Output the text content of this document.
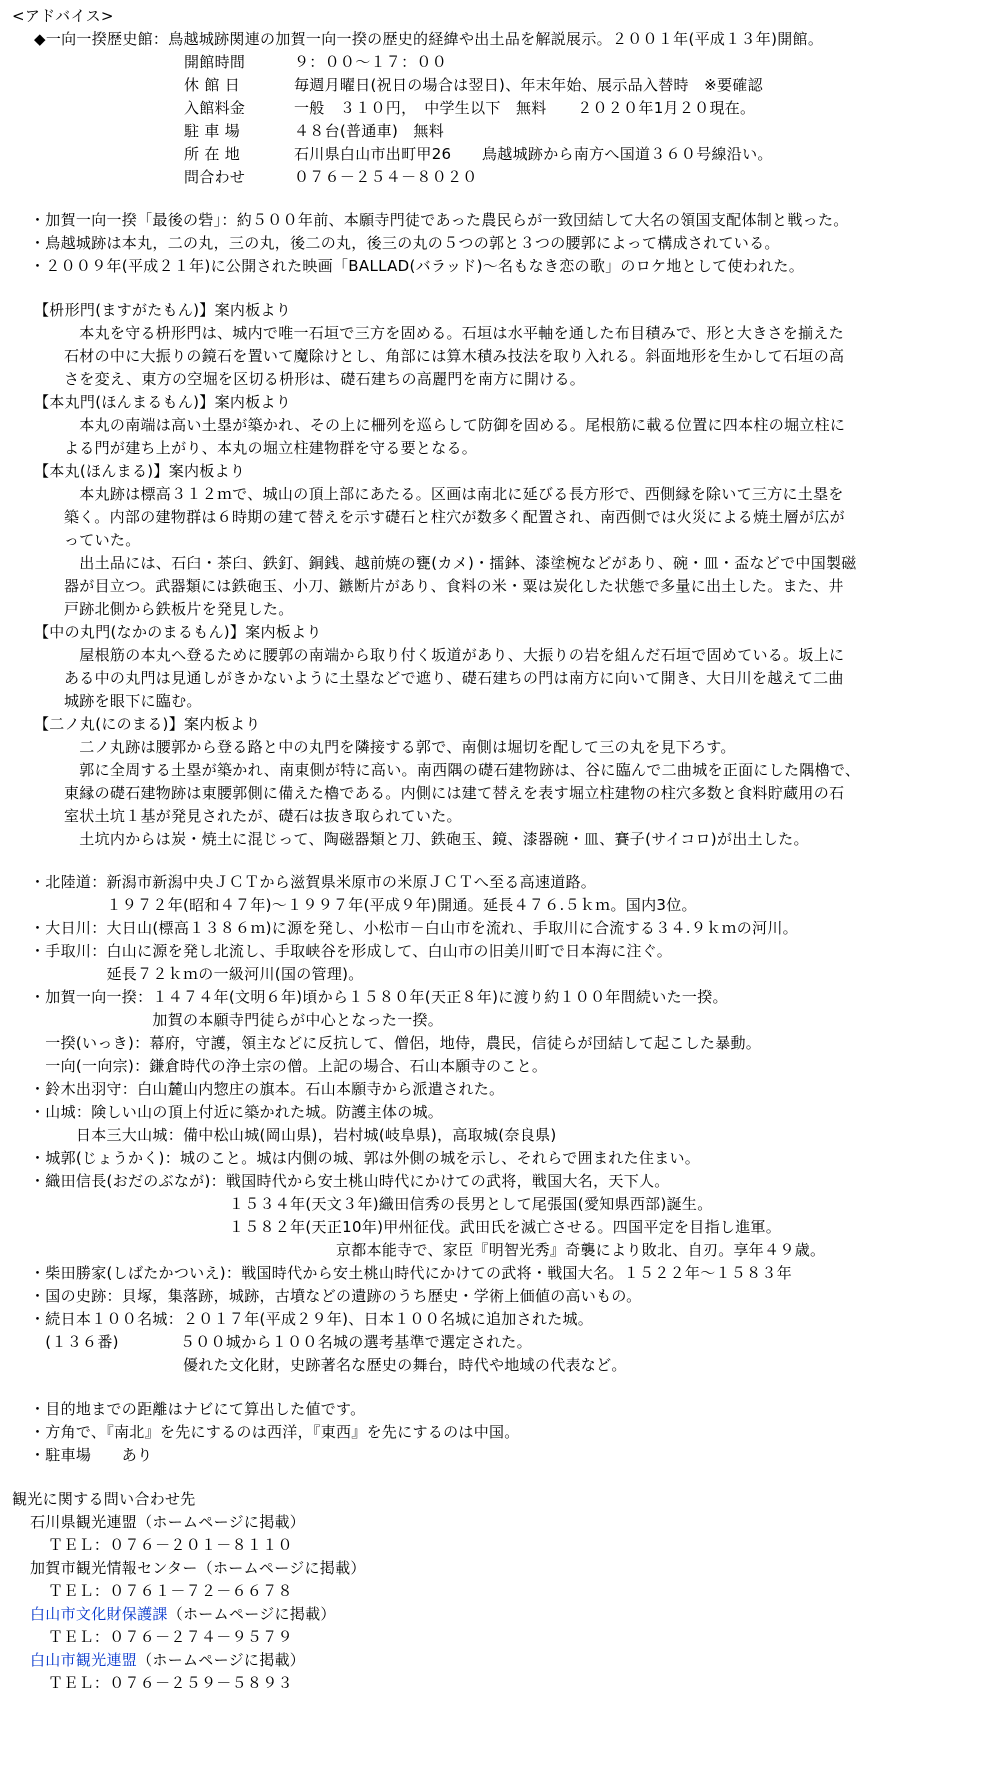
<アドバイス>
◆一向一揆歴史館：鳥越城跡関連の加賀一向一揆の歴史的経緯や出土品を解説展示。２００１年(平成１３年)開館。
開館時間	９：００～１７：００
休 館 日	毎週月曜日(祝日の場合は翌日)、年末年始、展示品入替時　※要確認
入館料金	一般　３１０円，　中学生以下　無料　　２０２０年1月２０現在。
駐 車 場	４８台(普通車)　無料
所 在 地	石川県白山市出町甲26　　鳥越城跡から南方へ国道３６０号線沿い。
問合わせ	０７６－２５４－８０２０
・加賀一向一揆「最後の砦」：約５００年前、本願寺門徒であった農民らが一致団結して大名の領国支配体制と戦った。
・鳥越城跡は本丸，二の丸，三の丸，後二の丸，後三の丸の５つの郭と３つの腰郭によって構成されている。
・２００９年(平成２１年)に公開された映画「BALLAD(バラッド)～名もなき恋の歌」のロケ地として使われた。
【枡形門(ますがたもん)】案内板より
　本丸を守る枡形門は、城内で唯一石垣で三方を固める。石垣は水平軸を通した布目積みで、形と大きさを揃えた
石材の中に大振りの鏡石を置いて魔除けとし、角部には算木積み技法を取り入れる。斜面地形を生かして石垣の高
さを変え、東方の空堀を区切る枡形は、礎石建ちの高麗門を南方に開ける。
【本丸門(ほんまるもん)】案内板より
　本丸の南端は高い土塁が築かれ、その上に柵列を巡らして防御を固める。尾根筋に載る位置に四本柱の堀立柱に
よる門が建ち上がり、本丸の堀立柱建物群を守る要となる。
【本丸(ほんまる)】案内板より
　本丸跡は標高３１２ｍで、城山の頂上部にあたる。区画は南北に延びる長方形で、西側縁を除いて三方に土塁を
築く。内部の建物群は６時期の建て替えを示す礎石と柱穴が数多く配置され、南西側では火災による焼土層が広が
っていた。
　出土品には、石臼・茶臼、鉄釘、銅銭、越前焼の甕(カメ)・擂鉢、漆塗椀などがあり、碗・皿・盃などで中国製磁
器が目立つ。武器類には鉄砲玉、小刀、鏃断片があり、食料の米・粟は炭化した状態で多量に出土した。また、井
戸跡北側から鉄板片を発見した。
【中の丸門(なかのまるもん)】案内板より
　屋根筋の本丸へ登るために腰郭の南端から取り付く坂道があり、大振りの岩を組んだ石垣で固めている。坂上に
ある中の丸門は見通しがきかないように土塁などで遮り、礎石建ちの門は南方に向いて開き、大日川を越えて二曲
城跡を眼下に臨む。
【二ノ丸(にのまる)】案内板より
　二ノ丸跡は腰郭から登る路と中の丸門を隣接する郭で、南側は堀切を配して三の丸を見下ろす。
　郭に全周する土塁が築かれ、南東側が特に高い。南西隅の礎石建物跡は、谷に臨んで二曲城を正面にした隅櫓で、
東縁の礎石建物跡は東腰郭側に備えた櫓である。内側には建て替えを表す堀立柱建物の柱穴多数と食料貯蔵用の石
室状土坑１基が発見されたが、礎石は抜き取られていた。
　土坑内からは炭・焼土に混じって、陶磁器類と刀、鉄砲玉、鏡、漆器碗・皿、賽子(サイコロ)が出土した。
・北陸道：新潟市新潟中央ＪＣＴから滋賀県米原市の米原ＪＣＴへ至る高速道路。
　　　　　１９７２年(昭和４７年)～１９９７年(平成９年)開通。延長４７６.５ｋｍ。国内3位。
・大日川：大日山(標高１３８６ｍ)に源を発し、小松市－白山市を流れ、手取川に合流する３４.９ｋｍの河川。
・手取川：白山に源を発し北流し、手取峡谷を形成して、白山市の旧美川町で日本海に注ぐ。
　　　　　延長７２ｋｍの一級河川(国の管理)。
・加賀一向一揆：１４７４年(文明６年)頃から１５８０年(天正８年)に渡り約１００年間続いた一揆。
　　　　　　　　加賀の本願寺門徒らが中心となった一揆。
　一揆(いっき)：幕府，守護，領主などに反抗して、僧侶，地侍，農民，信徒らが団結して起こした暴動。
　一向(一向宗)：鎌倉時代の浄土宗の僧。上記の場合、石山本願寺のこと。
・鈴木出羽守：白山麓山内惣庄の旗本。石山本願寺から派遣された。
・山城：険しい山の頂上付近に築かれた城。防護主体の城。
　　　日本三大山城：備中松山城(岡山県)，岩村城(岐阜県)，高取城(奈良県)
・城郭(じょうかく)：城のこと。城は内側の城、郭は外側の城を示し、それらで囲まれた住まい。
・織田信長(おだのぶなが)：戦国時代から安土桃山時代にかけての武将，戦国大名，天下人。
　　　　　　　　　　　　　１５３４年(天文３年)織田信秀の長男として尾張国(愛知県西部)誕生。
　　　　　　　　　　　　　１５８２年(天正10年)甲州征伐。武田氏を滅亡させる。四国平定を目指し進軍。
　　　　　　　　　　　　　　　　　　　　京都本能寺で、家臣『明智光秀』奇襲により敗北、自刃。享年４９歳。
・柴田勝家(しばたかついえ)：戦国時代から安土桃山時代にかけての武将・戦国大名。１５２２年～１５８３年
・国の史跡：貝塚，集落跡，城跡，古墳などの遺跡のうち歴史・学術上価値の高いもの。
・続日本１００名城：２０１７年(平成２９年)、日本１００名城に追加された城。
　(１３６番)　　　　５００城から１００名城の選考基準で選定された。
　　　　　　　　　　優れた文化財，史跡著名な歴史の舞台，時代や地域の代表など。
・目的地までの距離はナビにて算出した値です。
・方角で、『南北』を先にするのは西洋，『東西』を先にするのは中国。
・駐車場　　あり
観光に関する問い合わせ先
石川県観光連盟（ホームページに掲載）
ＴＥＬ：０７６－２０１－８１１０
加賀市観光情報センター（ホームページに掲載）
ＴＥＬ：０７６１－７２－６６７８
白山市文化財保護課（ホームページに掲載）
ＴＥＬ：０７６－２７４－９５７９
白山市観光連盟（ホームページに掲載）
ＴＥＬ：０７６－２５９－５８９３
